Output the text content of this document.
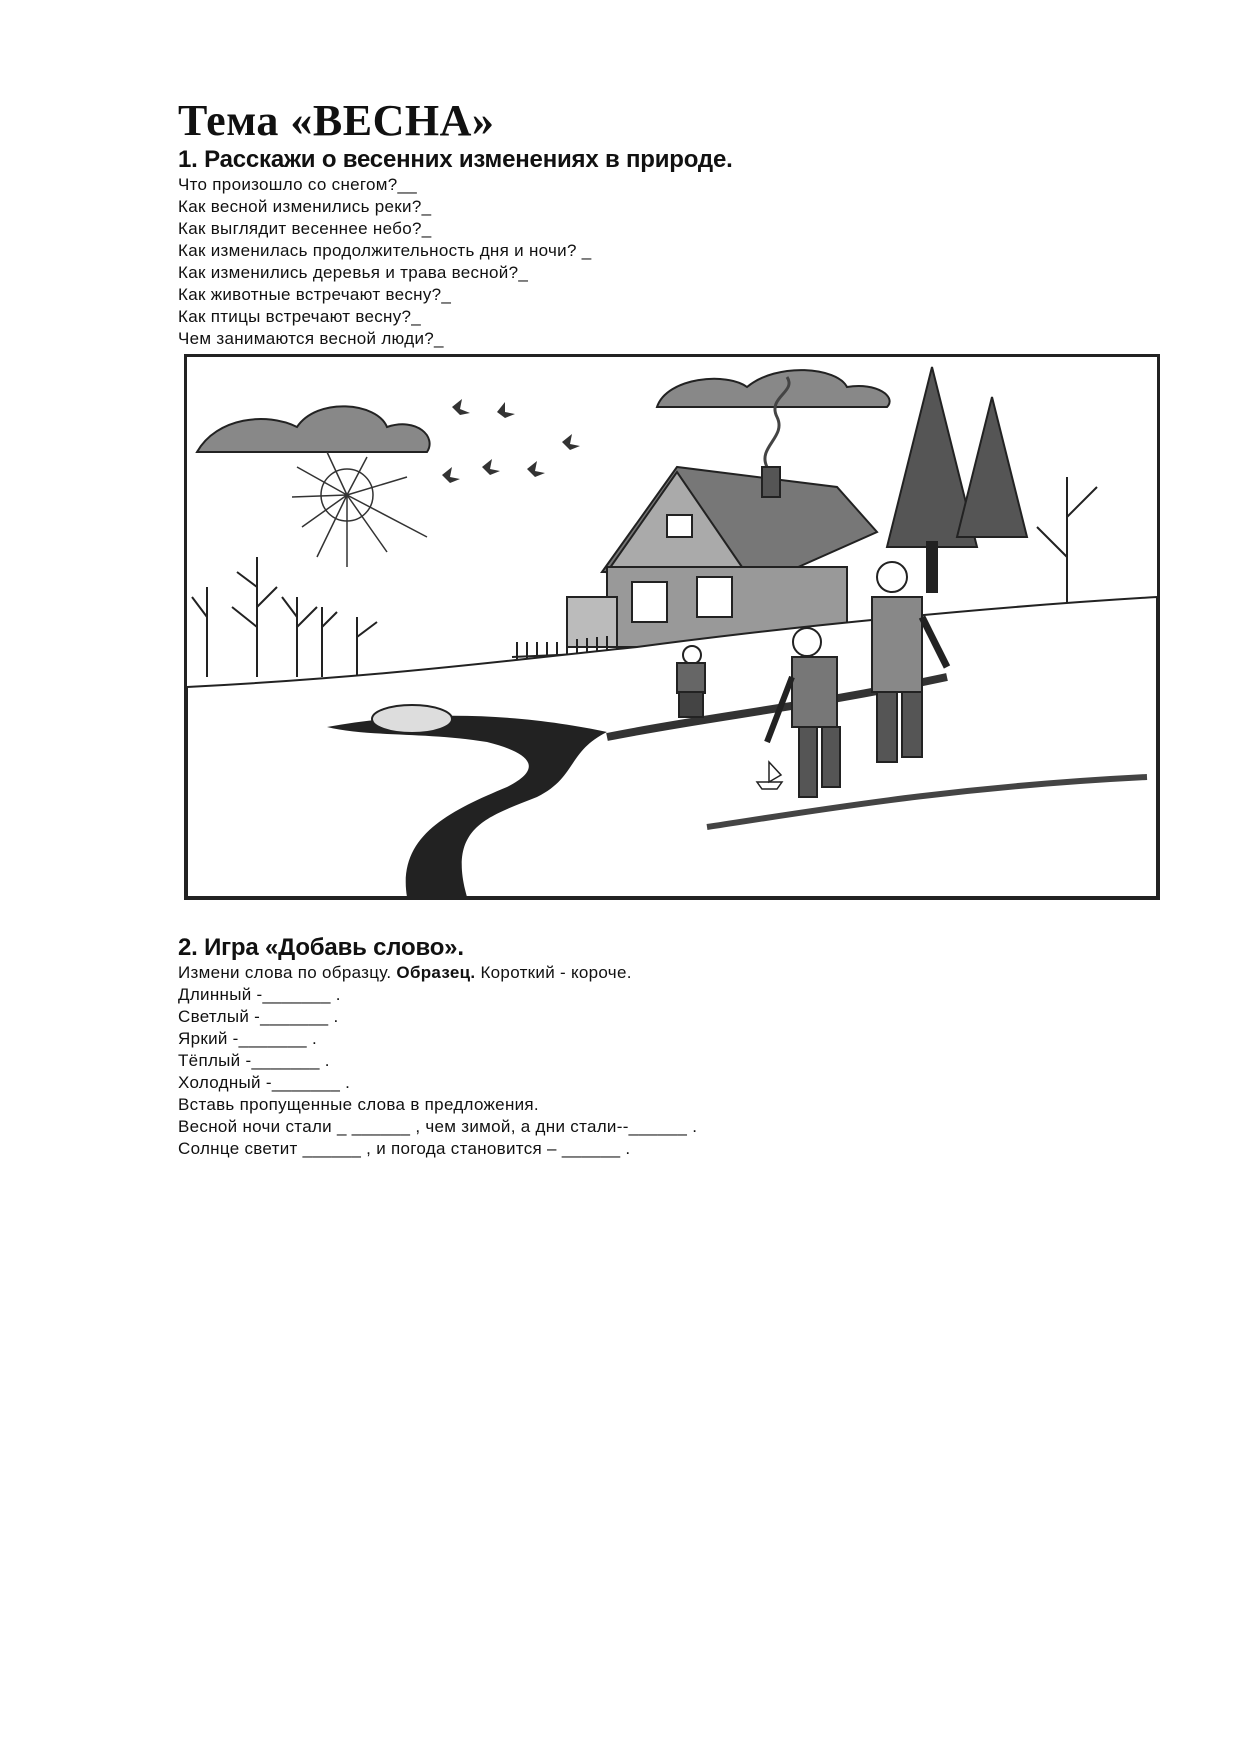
Тема «ВЕСНА»
1. Расскажи о весенних изменениях в природе.
Что произошло со снегом?__
Как весной изменились реки?_
Как выглядит весеннее небо?_
Как изменилась продолжительность дня и ночи? _
Как изменились деревья и трава весной?_
Как животные встречают весну?_
Как птицы встречают весну?_
Чем занимаются весной люди?_
2. Игра «Добавь слово».
Измени слова по образцу. Образец. Короткий - короче.
Длинный -_______ .
Светлый -_______ .
Яркий -_______ .
Тёплый -_______ .
Холодный -_______ .
Вставь пропущенные слова в предложения.
Весной ночи стали _ ______ , чем зимой, а дни стали--______ .
Солнце светит ______ , и погода становится – ______ .
